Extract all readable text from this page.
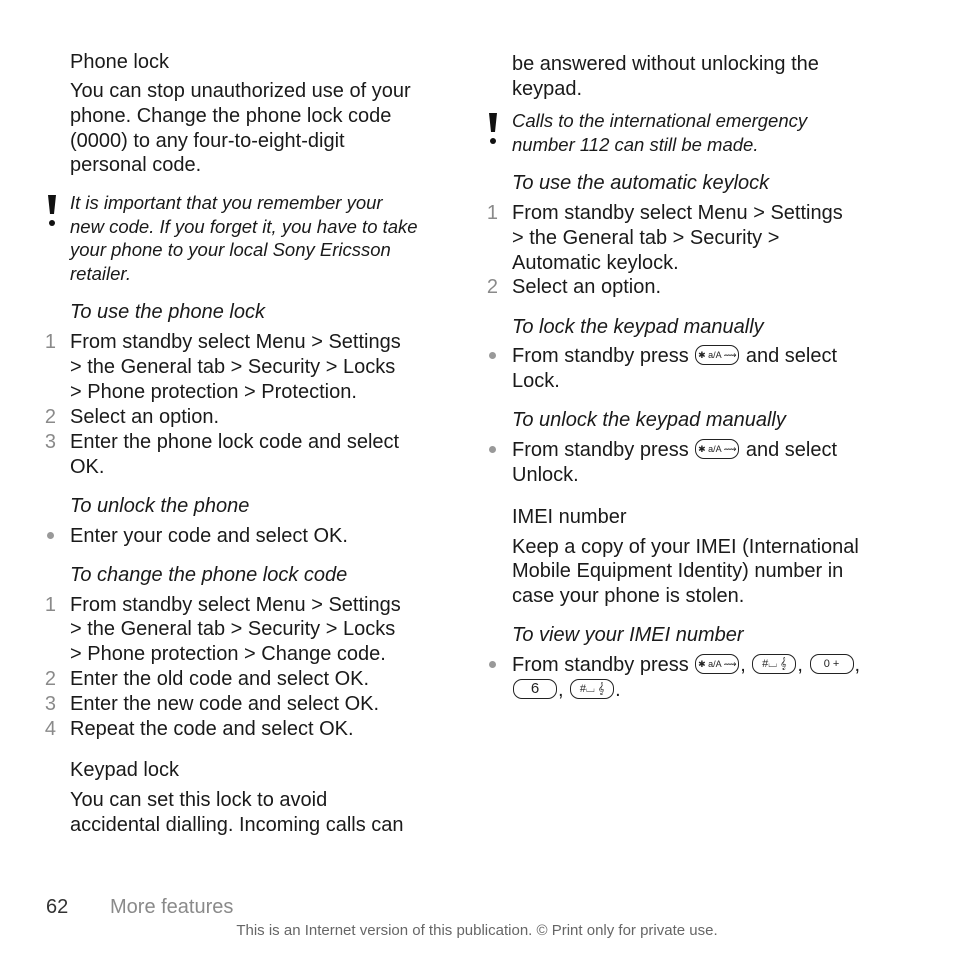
Phone lock
You can stop unauthorized use of your
phone. Change the phone lock code
(0000) to any four-to-eight-digit
personal code.
It is important that you remember your
new code. If you forget it, you have to take
your phone to your local Sony Ericsson
retailer.
To use the phone lock
1 From standby select Menu > Settings
> the General tab > Security > Locks
> Phone protection > Protection.
2 Select an option.
3 Enter the phone lock code and select
OK.
To unlock the phone
Enter your code and select OK.
To change the phone lock code
1 From standby select Menu > Settings
> the General tab > Security > Locks
> Phone protection > Change code.
2 Enter the old code and select OK.
3 Enter the new code and select OK.
4 Repeat the code and select OK.
Keypad lock
You can set this lock to avoid
accidental dialling. Incoming calls can
be answered without unlocking the
keypad.
Calls to the international emergency
number 112 can still be made.
To use the automatic keylock
1 From standby select Menu > Settings
> the General tab > Security >
Automatic keylock.
2 Select an option.
To lock the keypad manually
From standby press ✱ a/A ⟿ and select
Lock.
To unlock the keypad manually
From standby press ✱ a/A ⟿ and select
Unlock.
IMEI number
Keep a copy of your IMEI (International
Mobile Equipment Identity) number in
case your phone is stolen.
To view your IMEI number
From standby press ✱ a/A ⟿ , #⌴ 𝄞 , 0 + ,
6 , #⌴ 𝄞 .
62 More features
This is an Internet version of this publication. © Print only for private use.
